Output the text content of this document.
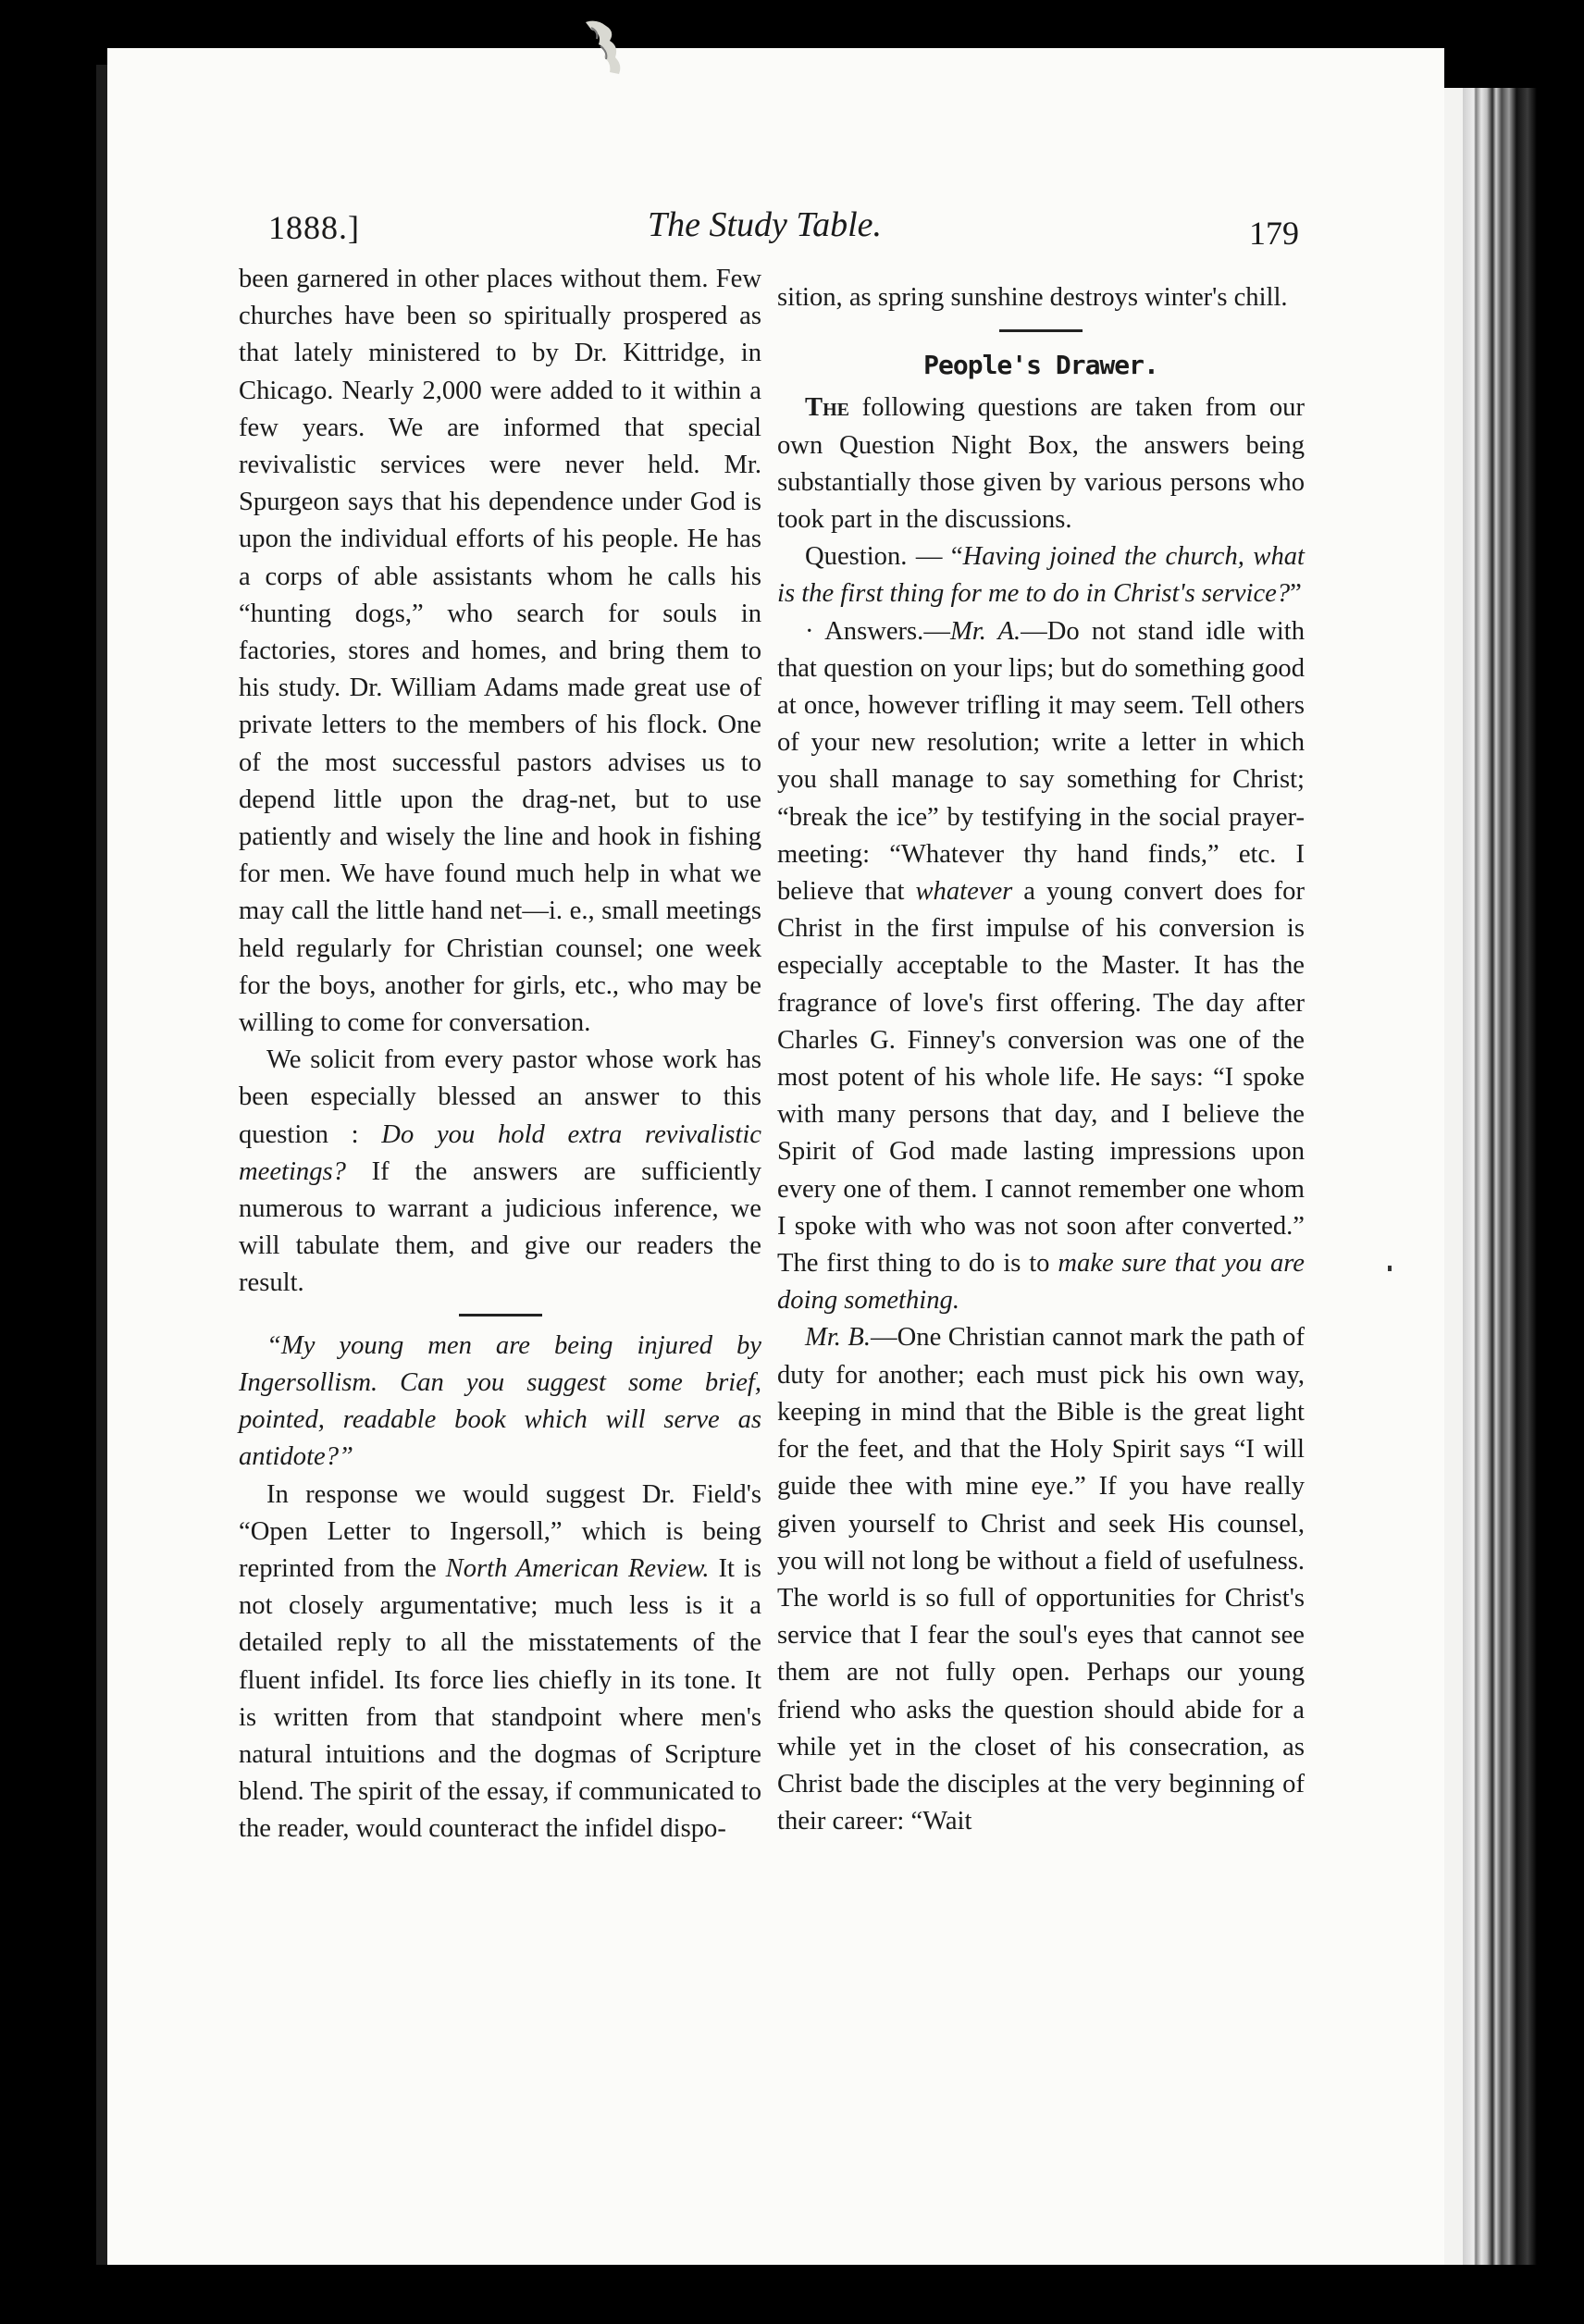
1888.]	The Study Table.	179

been garnered in other places without them. Few churches have been so spiritually prospered as that lately ministered to by Dr. Kittridge, in Chicago. Nearly 2,000 were added to it within a few years. We are informed that special revivalistic services were never held. Mr. Spurgeon says that his dependence under God is upon the individual efforts of his people. He has a corps of able assistants whom he calls his “hunting dogs,” who search for souls in factories, stores and homes, and bring them to his study. Dr. William Adams made great use of private letters to the members of his flock. One of the most successful pastors advises us to depend little upon the drag-net, but to use patiently and wisely the line and hook in fishing for men. We have found much help in what we may call the little hand net—i. e., small meetings held regularly for Christian counsel; one week for the boys, another for girls, etc., who may be willing to come for conversation.

We solicit from every pastor whose work has been especially blessed an answer to this question : Do you hold extra revivalistic meetings? If the answers are sufficiently numerous to warrant a judicious inference, we will tabulate them, and give our readers the result.

“My young men are being injured by Ingersollism. Can you suggest some brief, pointed, readable book which will serve as antidote?”

In response we would suggest Dr. Field's “Open Letter to Ingersoll,” which is being reprinted from the North American Review. It is not closely argumentative; much less is it a detailed reply to all the misstatements of the fluent infidel. Its force lies chiefly in its tone. It is written from that standpoint where men's natural intuitions and the dogmas of Scripture blend. The spirit of the essay, if communicated to the reader, would counteract the infidel dispo-

sition, as spring sunshine destroys winter's chill.

People's Drawer.

The following questions are taken from our own Question Night Box, the answers being substantially those given by various persons who took part in the discussions.

Question. — “Having joined the church, what is the first thing for me to do in Christ's service?”

· Answers.—Mr. A.—Do not stand idle with that question on your lips; but do something good at once, however trifling it may seem. Tell others of your new resolution; write a letter in which you shall manage to say something for Christ; “break the ice” by testifying in the social prayer-meeting: “Whatever thy hand finds,” etc. I believe that whatever a young convert does for Christ in the first impulse of his conversion is especially acceptable to the Master. It has the fragrance of love's first offering. The day after Charles G. Finney's conversion was one of the most potent of his whole life. He says: “I spoke with many persons that day, and I believe the Spirit of God made lasting impressions upon every one of them. I cannot remember one whom I spoke with who was not soon after converted.” The first thing to do is to make sure that you are doing something.

Mr. B.—One Christian cannot mark the path of duty for another; each must pick his own way, keeping in mind that the Bible is the great light for the feet, and that the Holy Spirit says “I will guide thee with mine eye.” If you have really given yourself to Christ and seek His counsel, you will not long be without a field of usefulness. The world is so full of opportunities for Christ's service that I fear the soul's eyes that cannot see them are not fully open. Perhaps our young friend who asks the question should abide for a while yet in the closet of his consecration, as Christ bade the disciples at the very beginning of their career: “Wait
